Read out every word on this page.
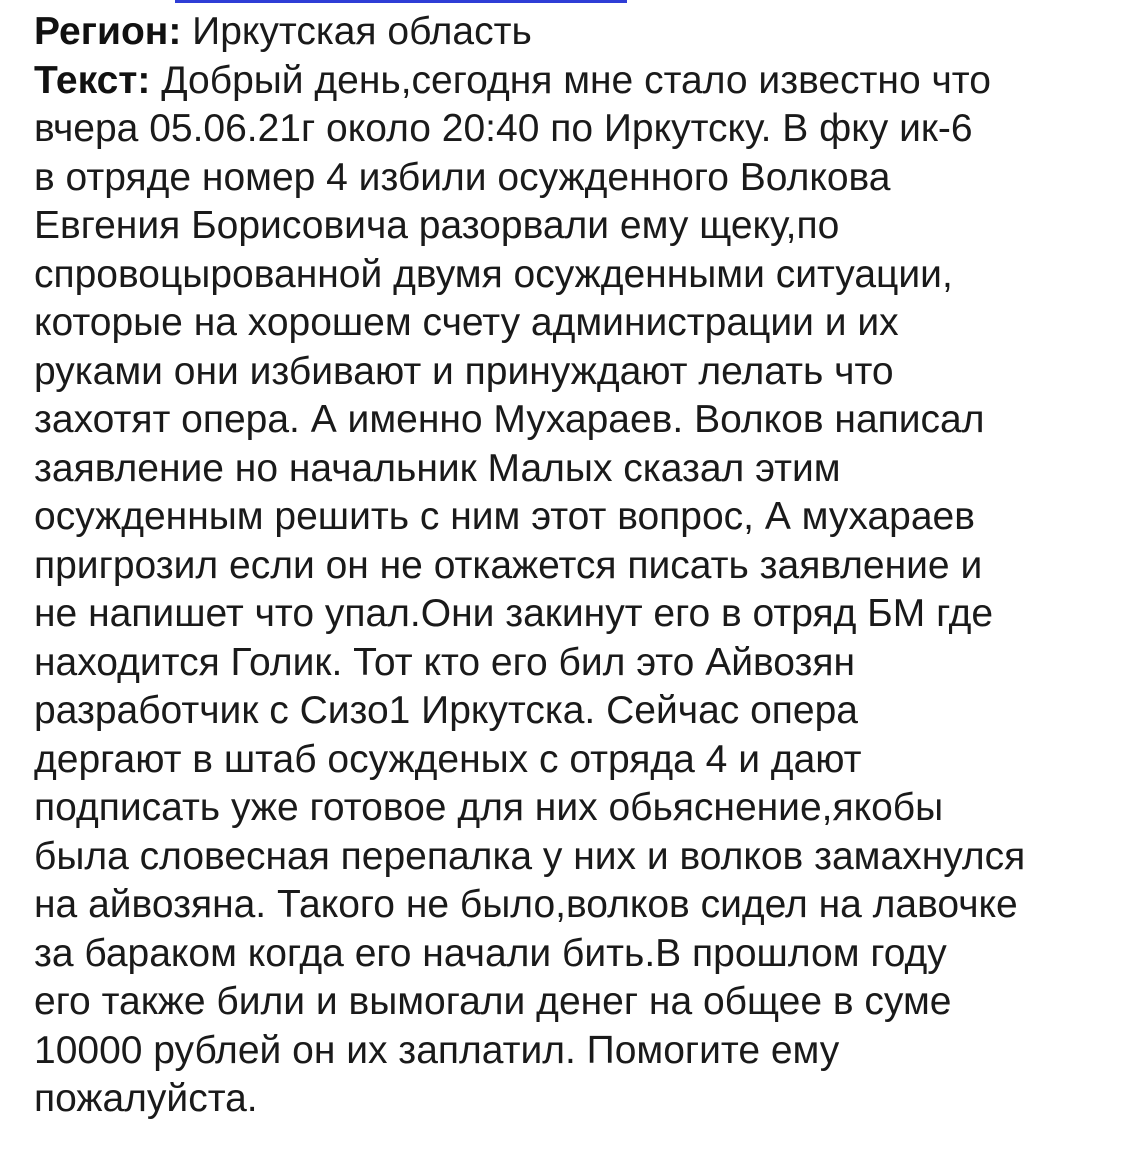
Регион: Иркутская область
Текст: Добрый день,сегодня мне стало известно что
вчера 05.06.21г около 20:40 по Иркутску. В фку ик-6
в отряде номер 4 избили осужденного Волкова
Евгения Борисовича разорвали ему щеку,по
спровоцырованной двумя осужденными ситуации,
которые на хорошем счету администрации и их
руками они избивают и принуждают лелать что
захотят опера. А именно Мухараев. Волков написал
заявление но начальник Малых сказал этим
осужденным решить с ним этот вопрос, А мухараев
пригрозил если он не откажется писать заявление и
не напишет что упал.Они закинут его в отряд БМ где
находится Голик. Тот кто его бил это Айвозян
разработчик с Сизо1 Иркутска. Сейчас опера
дергают в штаб осужденых с отряда 4 и дают
подписать уже готовое для них обьяснение,якобы
была словесная перепалка у них и волков замахнулся
на айвозяна. Такого не было,волков сидел на лавочке
за бараком когда его начали бить.В прошлом году
его также били и вымогали денег на общее в суме
10000 рублей он их заплатил. Помогите ему
пожалуйста.
